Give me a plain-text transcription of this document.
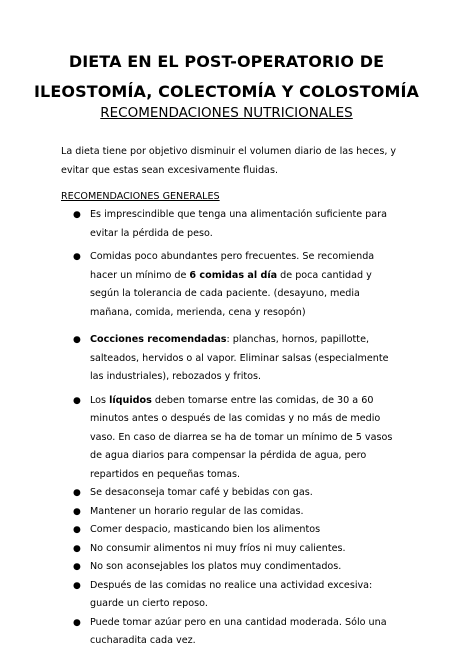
DIETA EN EL POST-OPERATORIO DE
ILEOSTOMÍA, COLECTOMÍA Y COLOSTOMÍA
RECOMENDACIONES NUTRICIONALES
La dieta tiene por objetivo disminuir el volumen diario de las heces, y evitar que estas sean excesivamente fluidas.
RECOMENDACIONES GENERALES
● Es imprescindible que tenga una alimentación suficiente para evitar la pérdida de peso.
● Comidas poco abundantes pero frecuentes. Se recomienda hacer un mínimo de 6 comidas al día de poca cantidad y según la tolerancia de cada paciente. (desayuno, media mañana, comida, merienda, cena y resopón)
● Cocciones recomendadas: planchas, hornos, papillotte, salteados, hervidos o al vapor. Eliminar salsas (especialmente las industriales), rebozados y fritos.
● Los líquidos deben tomarse entre las comidas, de 30 a 60 minutos antes o después de las comidas y no más de medio vaso. En caso de diarrea se ha de tomar un mínimo de 5 vasos de agua diarios para compensar la pérdida de agua, pero repartidos en pequeñas tomas.
● Se desaconseja tomar café y bebidas con gas.
● Mantener un horario regular de las comidas.
● Comer despacio, masticando bien los alimentos
● No consumir alimentos ni muy fríos ni muy calientes.
● No son aconsejables los platos muy condimentados.
● Después de las comidas no realice una actividad excesiva: guarde un cierto reposo.
● Puede tomar azúar pero en una cantidad moderada. Sólo una cucharadita cada vez.
